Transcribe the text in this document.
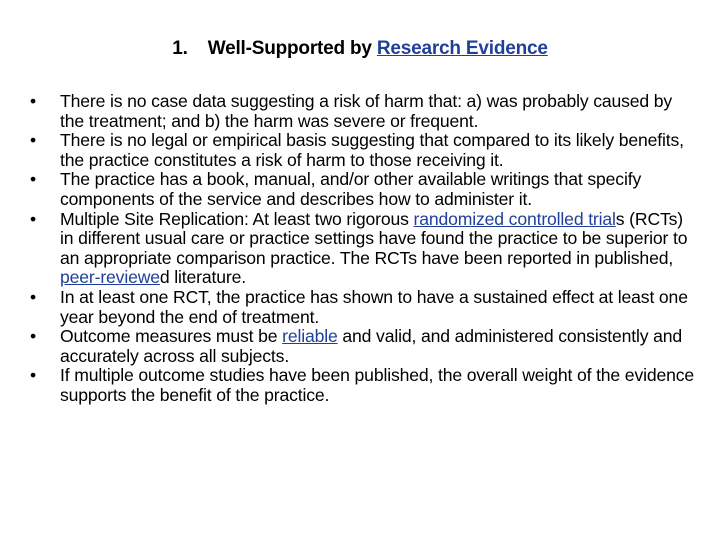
1. Well-Supported by Research Evidence
• There is no case data suggesting a risk of harm that: a) was probably caused by the treatment; and b) the harm was severe or frequent.
• There is no legal or empirical basis suggesting that compared to its likely benefits, the practice constitutes a risk of harm to those receiving it.
• The practice has a book, manual, and/or other available writings that specify components of the service and describes how to administer it.
• Multiple Site Replication: At least two rigorous randomized controlled trials (RCTs) in different usual care or practice settings have found the practice to be superior to an appropriate comparison practice. The RCTs have been reported in published, peer-reviewed literature.
• In at least one RCT, the practice has shown to have a sustained effect at least one year beyond the end of treatment.
• Outcome measures must be reliable and valid, and administered consistently and accurately across all subjects.
• If multiple outcome studies have been published, the overall weight of the evidence supports the benefit of the practice.
